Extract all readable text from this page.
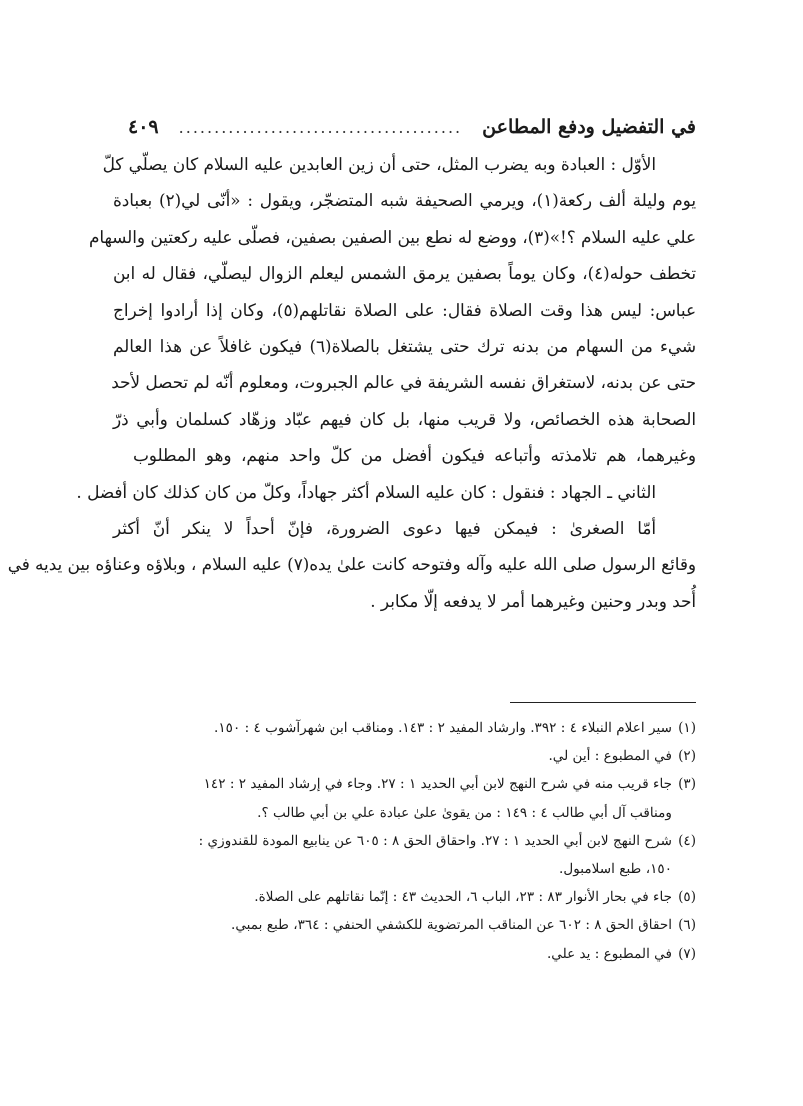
في التفضيل ودفع المطاعن
........................................
٤٠٩
الأوّل : العبادة وبه يضرب المثل، حتى أن زين العابدين عليه السلام كان يصلّي كلّ
يوم وليلة ألف ركعة(١)، ويرمي الصحيفة شبه المتضجّر، ويقول : «أنّى لي(٢) بعبادة
علي عليه السلام ؟!»(٣)، ووضع له نطع بين الصفين بصفين، فصلّى عليه ركعتين والسهام
تخطف حوله(٤)، وكان يوماً بصفين يرمق الشمس ليعلم الزوال ليصلّي، فقال له ابن
عباس: ليس هذا وقت الصلاة فقال: على الصلاة نقاتلهم(٥)، وكان إذا أرادوا إخراج
شيء من السهام من بدنه ترك حتى يشتغل بالصلاة(٦) فيكون غافلاً عن هذا العالم
حتى عن بدنه، لاستغراق نفسه الشريفة في عالم الجبروت، ومعلوم أنّه لم تحصل لأحد
الصحابة هذه الخصائص، ولا قريب منها، بل كان فيهم عبّاد وزهّاد كسلمان وأبي ذرّ
وغيرهما، هم تلامذته وأتباعه فيكون أفضل من كلّ واحد منهم، وهو المطلوب
الثاني ـ الجهاد : فنقول : كان عليه السلام أكثر جهاداً، وكلّ من كان كذلك كان أفضل .
أمّا الصغرىٰ : فيمكن فيها دعوى الضرورة، فإنّ أحداً لا ينكر أنّ أكثر
وقائع الرسول صلى الله عليه وآله وفتوحه كانت علىٰ يده(٧) عليه السلام ، وبلاؤه وعناؤه بين يديه في
أُحد وبدر وحنين وغيرهما أمر لا يدفعه إلّا مكابر .
(١)سير اعلام النبلاء ٤ : ٣٩٢. وارشاد المفيد ٢ : ١٤٣. ومناقب ابن شهرآشوب ٤ : ١٥٠.
(٢)في المطبوع : أين لي.
(٣)جاء قريب منه في شرح النهج لابن أبي الحديد ١ : ٢٧. وجاء في إرشاد المفيد ٢ : ١٤٢
ومناقب آل أبي طالب ٤ : ١٤٩ : من يقوىٰ علىٰ عبادة علي بن أبي طالب ؟.
(٤)شرح النهج لابن أبي الحديد ١ : ٢٧. واحقاق الحق ٨ : ٦٠٥ عن ينابيع المودة للقندوزي :
١٥٠، طبع اسلامبول.
(٥)جاء في بحار الأنوار ٨٣ : ٢٣، الباب ٦، الحديث ٤٣ : إنّما نقاتلهم على الصلاة.
(٦)احقاق الحق ٨ : ٦٠٢ عن المناقب المرتضوية للكشفي الحنفي : ٣٦٤، طبع بمبي.
(٧)في المطبوع : يد علي.
